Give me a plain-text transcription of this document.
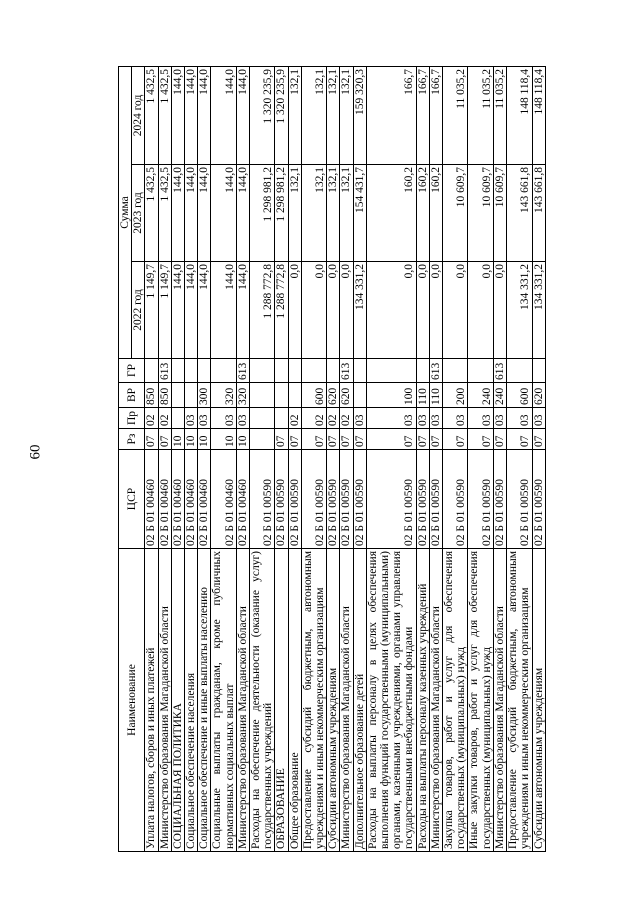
60
Наименование	ЦСР	Рз	Пр	ВР	ГР	Сумма		
						2022 год	2023 год	2024 год
Уплата налогов, сборов и иных платежей	02 Б 01 00460	07	02	850		1 149,7	1 432,5	1 432,5
Министерство образования Магаданской области	02 Б 01 00460	07	02	850	613	1 149,7	1 432,5	1 432,5
СОЦИАЛЬНАЯ ПОЛИТИКА	02 Б 01 00460	10				144,0	144,0	144,0
Социальное обеспечение населения	02 Б 01 00460	10	03			144,0	144,0	144,0
Социальное обеспечение и иные выплаты населению	02 Б 01 00460	10	03	300		144,0	144,0	144,0
Социальные выплаты гражданам, кроме публичных нормативных социальных выплат	02 Б 01 00460	10	03	320		144,0	144,0	144,0
Министерство образования Магаданской области	02 Б 01 00460	10	03	320	613	144,0	144,0	144,0
Расходы на обеспечение деятельности (оказание услуг) государственных учреждений	02 Б 01 00590					1 288 772,8	1 298 981,2	1 320 235,9
ОБРАЗОВАНИЕ	02 Б 01 00590	07				1 288 772,8	1 298 981,2	1 320 235,9
Общее образование	02 Б 01 00590	07	02			0,0	132,1	132,1
Предоставление субсидий бюджетным, автономным учреждениям и иным некоммерческим организациям	02 Б 01 00590	07	02	600		0,0	132,1	132,1
Субсидии автономным учреждениям	02 Б 01 00590	07	02	620		0,0	132,1	132,1
Министерство образования Магаданской области	02 Б 01 00590	07	02	620	613	0,0	132,1	132,1
Дополнительное образование детей	02 Б 01 00590	07	03			134 331,2	154 431,7	159 320,3
Расходы на выплаты персоналу в целях обеспечения выполнения функций государственными (муниципальными) органами, казенными учреждениями, органами управления государственными внебюджетными фондами	02 Б 01 00590	07	03	100		0,0	160,2	166,7
Расходы на выплаты персоналу казенных учреждений	02 Б 01 00590	07	03	110		0,0	160,2	166,7
Министерство образования Магаданской области	02 Б 01 00590	07	03	110	613	0,0	160,2	166,7
Закупка товаров, работ и услуг для обеспечения государственных (муниципальных) нужд	02 Б 01 00590	07	03	200		0,0	10 609,7	11 035,2
Иные закупки товаров, работ и услуг для обеспечения государственных (муниципальных) нужд	02 Б 01 00590	07	03	240		0,0	10 609,7	11 035,2
Министерство образования Магаданской области	02 Б 01 00590	07	03	240	613	0,0	10 609,7	11 035,2
Предоставление субсидий бюджетным, автономным учреждениям и иным некоммерческим организациям	02 Б 01 00590	07	03	600		134 331,2	143 661,8	148 118,4
Субсидии автономным учреждениям	02 Б 01 00590	07	03	620		134 331,2	143 661,8	148 118,4
